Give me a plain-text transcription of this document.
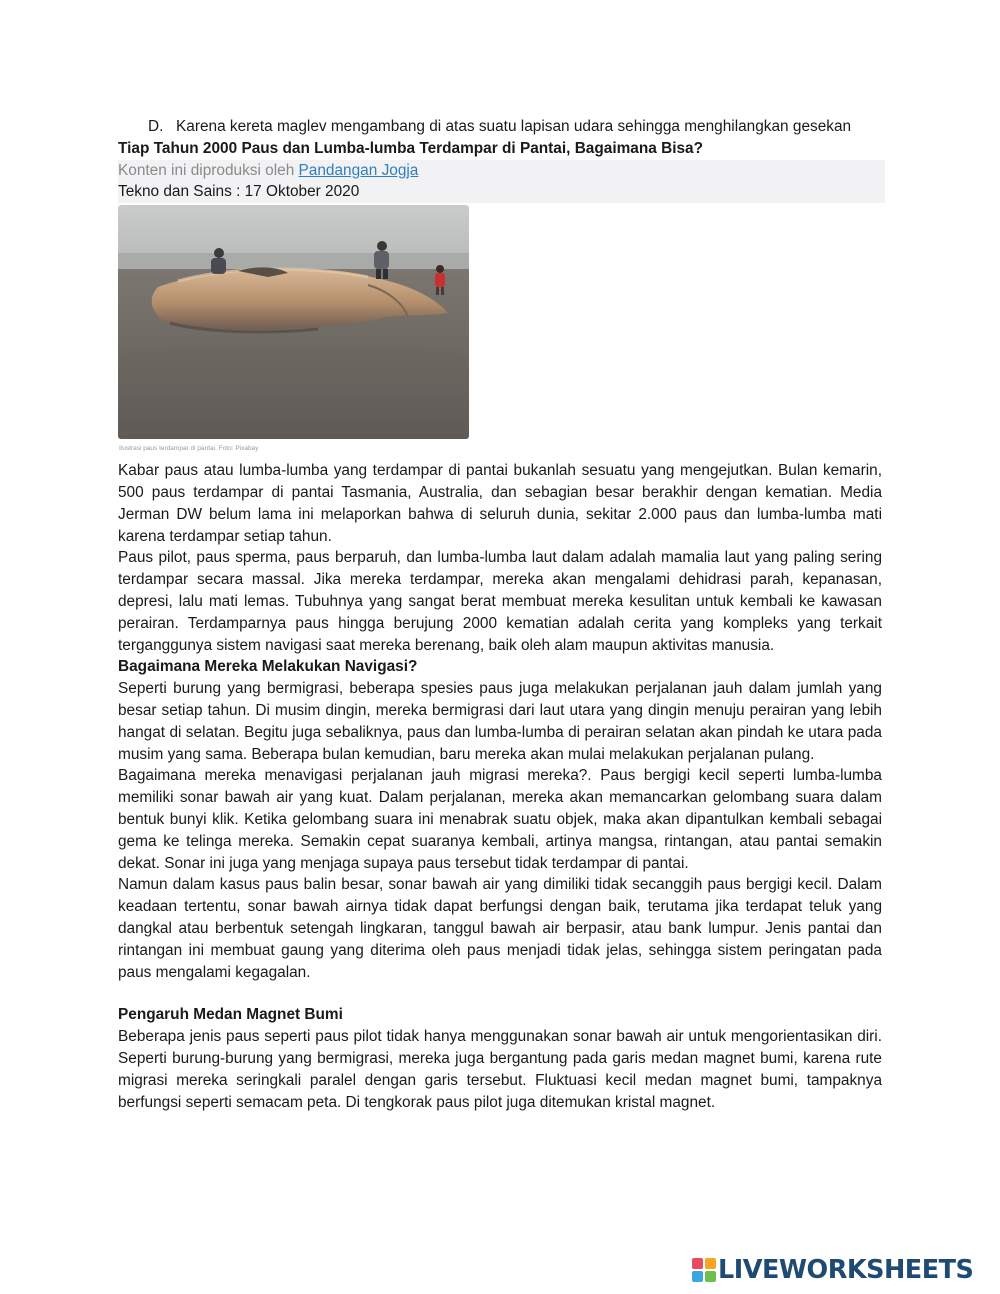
D. Karena kereta maglev mengambang di atas suatu lapisan udara sehingga menghilangkan gesekan
Tiap Tahun 2000 Paus dan Lumba-lumba Terdampar di Pantai, Bagaimana Bisa?
Konten ini diproduksi oleh Pandangan Jogja
Tekno dan Sains : 17 Oktober 2020
Ilustrasi paus terdampar di pantai. Foto: Pixabay

Kabar paus atau lumba-lumba yang terdampar di pantai bukanlah sesuatu yang mengejutkan. Bulan kemarin, 500 paus terdampar di pantai Tasmania, Australia, dan sebagian besar berakhir dengan kematian. Media Jerman DW belum lama ini melaporkan bahwa di seluruh dunia, sekitar 2.000 paus dan lumba-lumba mati karena terdampar setiap tahun.

Paus pilot, paus sperma, paus berparuh, dan lumba-lumba laut dalam adalah mamalia laut yang paling sering terdampar secara massal. Jika mereka terdampar, mereka akan mengalami dehidrasi parah, kepanasan, depresi, lalu mati lemas. Tubuhnya yang sangat berat membuat mereka kesulitan untuk kembali ke kawasan perairan. Terdamparnya paus hingga berujung 2000 kematian adalah cerita yang kompleks yang terkait terganggunya sistem navigasi saat mereka berenang, baik oleh alam maupun aktivitas manusia.

Bagaimana Mereka Melakukan Navigasi?

Seperti burung yang bermigrasi, beberapa spesies paus juga melakukan perjalanan jauh dalam jumlah yang besar setiap tahun. Di musim dingin, mereka bermigrasi dari laut utara yang dingin menuju perairan yang lebih hangat di selatan. Begitu juga sebaliknya, paus dan lumba-lumba di perairan selatan akan pindah ke utara pada musim yang sama. Beberapa bulan kemudian, baru mereka akan mulai melakukan perjalanan pulang.

Bagaimana mereka menavigasi perjalanan jauh migrasi mereka?. Paus bergigi kecil seperti lumba-lumba memiliki sonar bawah air yang kuat. Dalam perjalanan, mereka akan memancarkan gelombang suara dalam bentuk bunyi klik. Ketika gelombang suara ini menabrak suatu objek, maka akan dipantulkan kembali sebagai gema ke telinga mereka. Semakin cepat suaranya kembali, artinya mangsa, rintangan, atau pantai semakin dekat. Sonar ini juga yang menjaga supaya paus tersebut tidak terdampar di pantai.

Namun dalam kasus paus balin besar, sonar bawah air yang dimiliki tidak secanggih paus bergigi kecil. Dalam keadaan tertentu, sonar bawah airnya tidak dapat berfungsi dengan baik, terutama jika terdapat teluk yang dangkal atau berbentuk setengah lingkaran, tanggul bawah air berpasir, atau bank lumpur. Jenis pantai dan rintangan ini membuat gaung yang diterima oleh paus menjadi tidak jelas, sehingga sistem peringatan pada paus mengalami kegagalan.

Pengaruh Medan Magnet Bumi

Beberapa jenis paus seperti paus pilot tidak hanya menggunakan sonar bawah air untuk mengorientasikan diri. Seperti burung-burung yang bermigrasi, mereka juga bergantung pada garis medan magnet bumi, karena rute migrasi mereka seringkali paralel dengan garis tersebut. Fluktuasi kecil medan magnet bumi, tampaknya berfungsi seperti semacam peta. Di tengkorak paus pilot juga ditemukan kristal magnet.

LIVEWORKSHEETS
